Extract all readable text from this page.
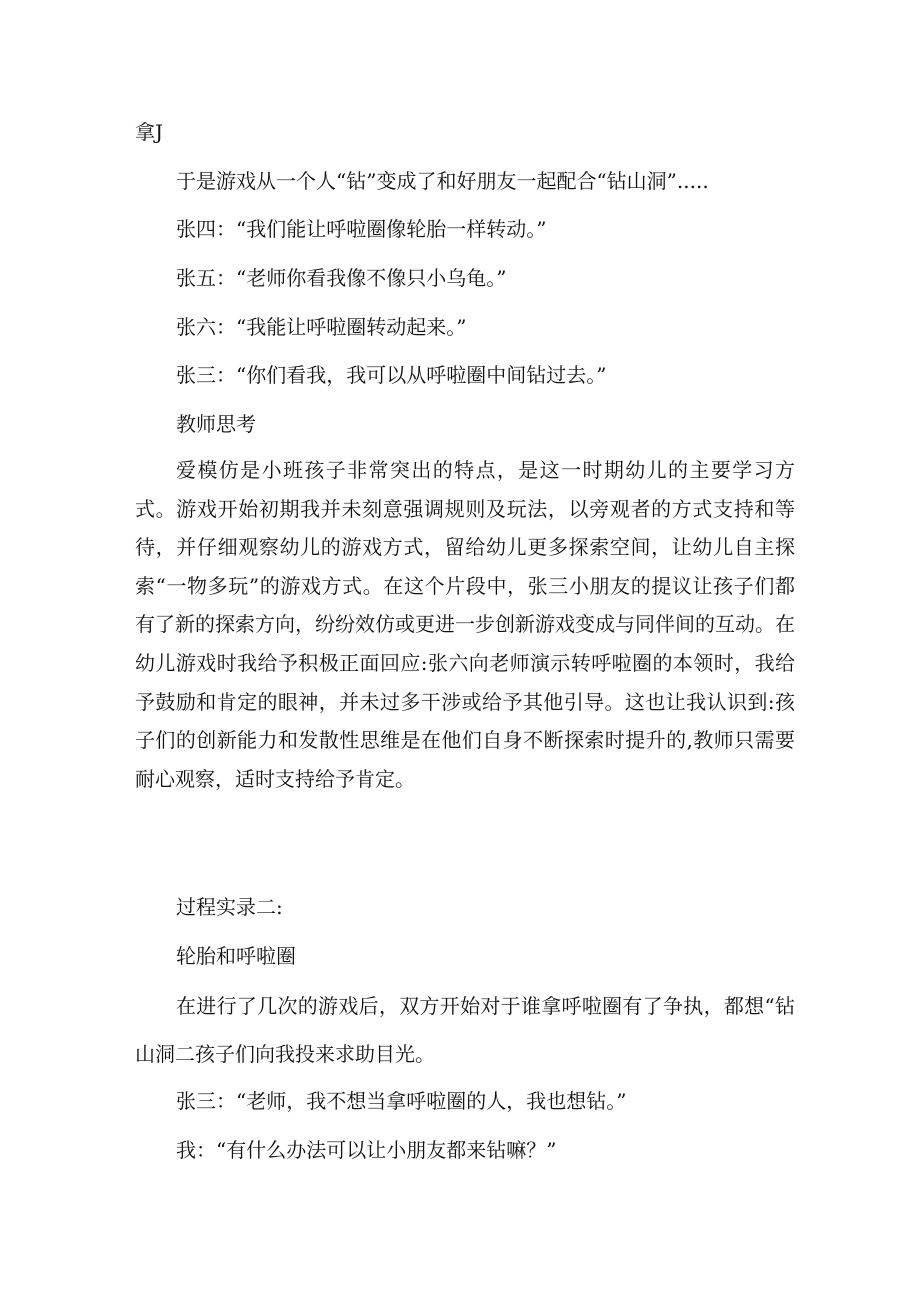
拿J
于是游戏从一个人“钻”变成了和好朋友一起配合“钻山洞”.....
张四：“我们能让呼啦圈像轮胎一样转动。”
张五：“老师你看我像不像只小乌龟。”
张六：“我能让呼啦圈转动起来。”
张三：“你们看我，我可以从呼啦圈中间钻过去。”
教师思考

爱模仿是小班孩子非常突出的特点，是这一时期幼儿的主要学习方式。游戏开始初期我并未刻意强调规则及玩法，以旁观者的方式支持和等待，并仔细观察幼儿的游戏方式，留给幼儿更多探索空间，让幼儿自主探索“一物多玩”的游戏方式。在这个片段中，张三小朋友的提议让孩子们都有了新的探索方向，纷纷效仿或更进一步创新游戏变成与同伴间的互动。在幼儿游戏时我给予积极正面回应:张六向老师演示转呼啦圈的本领时，我给予鼓励和肯定的眼神，并未过多干涉或给予其他引导。这也让我认识到:孩子们的创新能力和发散性思维是在他们自身不断探索时提升的,教师只需要耐心观察，适时支持给予肯定。

过程实录二:
轮胎和呼啦圈

在进行了几次的游戏后，双方开始对于谁拿呼啦圈有了争执，都想“钻山洞二孩子们向我投来求助目光。

张三：“老师，我不想当拿呼啦圈的人，我也想钻。”
我：“有什么办法可以让小朋友都来钻嘛？”
